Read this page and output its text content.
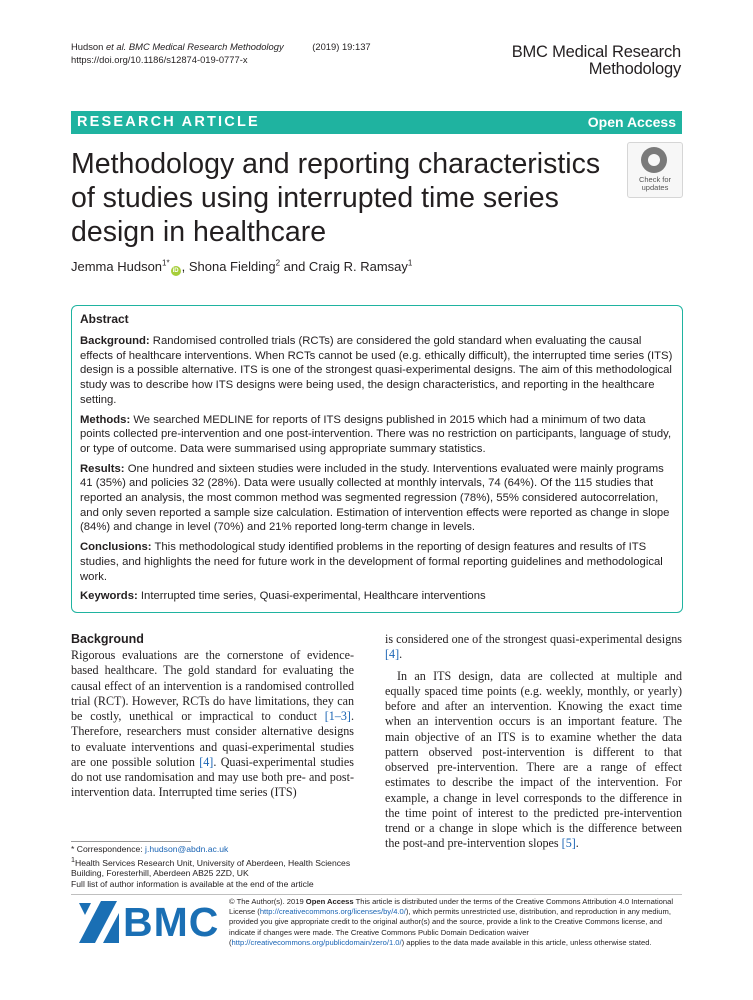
Hudson et al. BMC Medical Research Methodology	(2019) 19:137
https://doi.org/10.1186/s12874-019-0777-x	BMC Medical Research
Methodology
RESEARCH ARTICLE	Open Access
Methodology and reporting characteristics of studies using interrupted time series design in healthcare
Check for
updates
Jemma Hudson$^{1*}$iD , Shona Fielding$^2$ and Craig R. Ramsay$^1$
Abstract

Background: Randomised controlled trials (RCTs) are considered the gold standard when evaluating the causal effects of healthcare interventions. When RCTs cannot be used (e.g. ethically difficult), the interrupted time series (ITS) design is a possible alternative. ITS is one of the strongest quasi-experimental designs. The aim of this methodological study was to describe how ITS designs were being used, the design characteristics, and reporting in the healthcare setting.

Methods: We searched MEDLINE for reports of ITS designs published in 2015 which had a minimum of two data points collected pre-intervention and one post-intervention. There was no restriction on participants, language of study, or type of outcome. Data were summarised using appropriate summary statistics.

Results: One hundred and sixteen studies were included in the study. Interventions evaluated were mainly programs 41 (35%) and policies 32 (28%). Data were usually collected at monthly intervals, 74 (64%). Of the 115 studies that reported an analysis, the most common method was segmented regression (78%), 55% considered autocorrelation, and only seven reported a sample size calculation. Estimation of intervention effects were reported as change in slope (84%) and change in level (70%) and 21% reported long-term change in levels.

Conclusions: This methodological study identified problems in the reporting of design features and results of ITS studies, and highlights the need for future work in the development of formal reporting guidelines and methodological work.

Keywords: Interrupted time series, Quasi-experimental, Healthcare interventions

Background

Rigorous evaluations are the cornerstone of evidence-based healthcare. The gold standard for evaluating the causal effect of an intervention is a randomised controlled trial (RCT). However, RCTs do have limitations, they can be costly, unethical or impractical to conduct [1–3]. Therefore, researchers must consider alternative designs to evaluate interventions and quasi-experimental studies are one possible solution [4]. Quasi-experimental studies do not use randomisation and may use both pre- and post-intervention data. Interrupted time series (ITS)

is considered one of the strongest quasi-experimental designs [4].

In an ITS design, data are collected at multiple and equally spaced time points (e.g. weekly, monthly, or yearly) before and after an intervention. Knowing the exact time when an intervention occurs is an important feature. The main objective of an ITS is to examine whether the data pattern observed post-intervention is different to that observed pre-intervention. There are a range of effect estimates to describe the impact of the intervention. For example, a change in level corresponds to the difference in the time point of interest to the predicted pre-intervention trend or a change in slope which is the difference between the post-and pre-intervention slopes [5].

* Correspondence: j.hudson@abdn.ac.uk
$^1$Health Services Research Unit, University of Aberdeen, Health Sciences Building, Foresterhill, Aberdeen AB25 2ZD, UK
Full list of author information is available at the end of the article
BMC © The Author(s). 2019 Open Access This article is distributed under the terms of the Creative Commons Attribution 4.0 International License (http://creativecommons.org/licenses/by/4.0/), which permits unrestricted use, distribution, and reproduction in any medium, provided you give appropriate credit to the original author(s) and the source, provide a link to the Creative Commons license, and indicate if changes were made. The Creative Commons Public Domain Dedication waiver (http://creativecommons.org/publicdomain/zero/1.0/) applies to the data made available in this article, unless otherwise stated.
